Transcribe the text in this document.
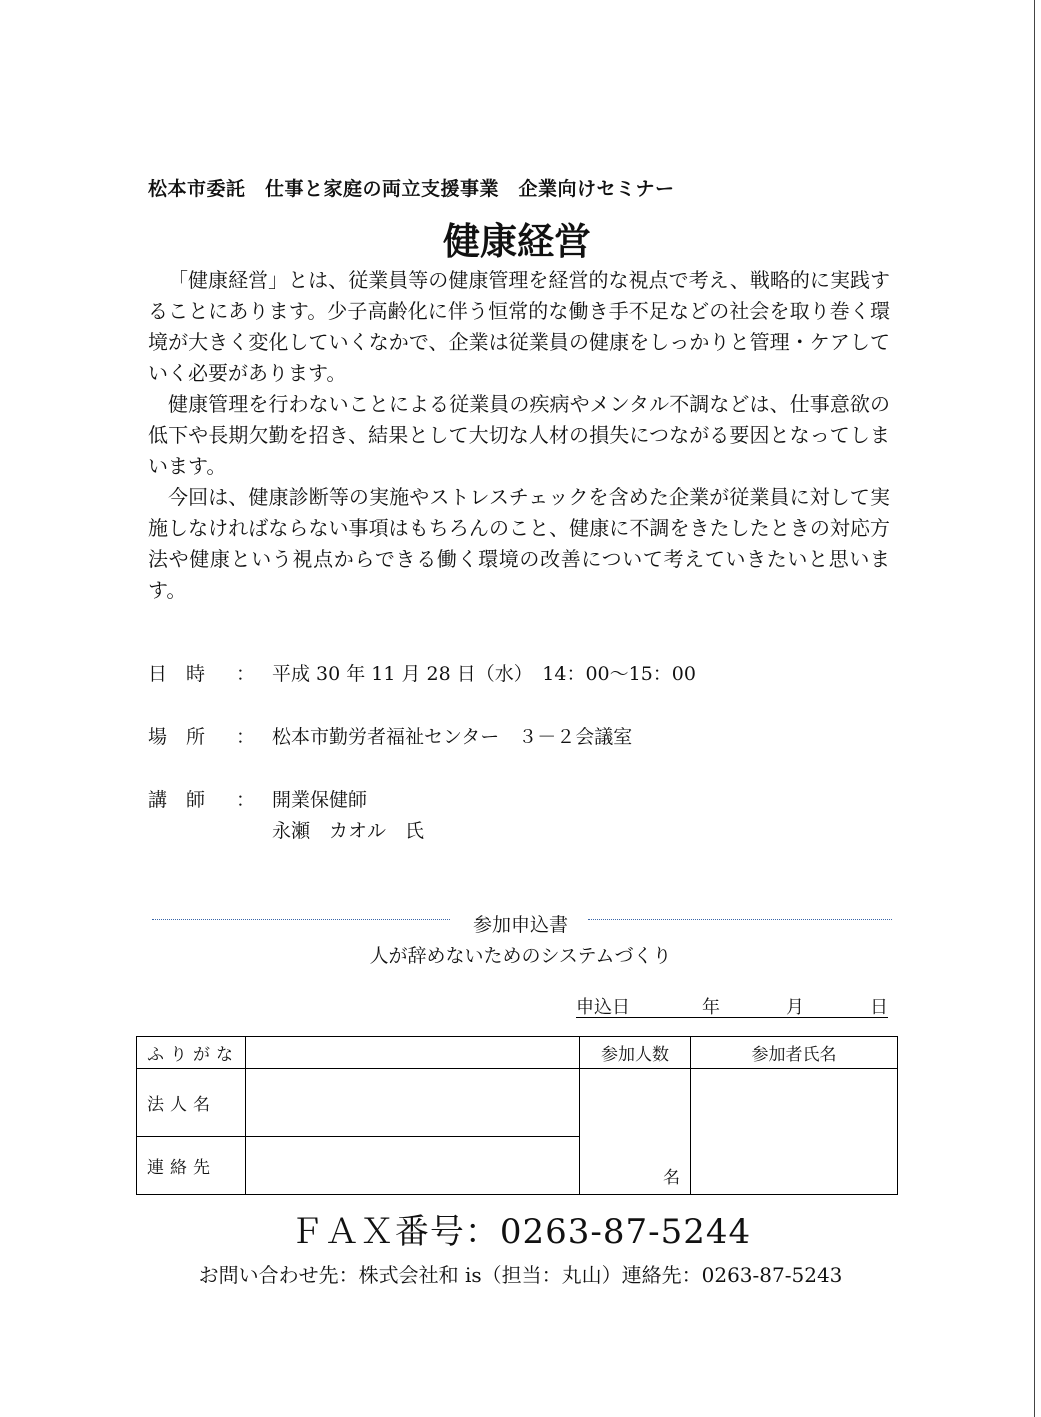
松本市委託　仕事と家庭の両立支援事業　企業向けセミナー
健康経営

「健康経営」とは、従業員等の健康管理を経営的な視点で考え、戦略的に実践することにあります。少子高齢化に伴う恒常的な働き手不足などの社会を取り巻く環境が大きく変化していくなかで、企業は従業員の健康をしっかりと管理・ケアしていく必要があります。

健康管理を行わないことによる従業員の疾病やメンタル不調などは、仕事意欲の低下や長期欠勤を招き、結果として大切な人材の損失につながる要因となってしまいます。

今回は、健康診断等の実施やストレスチェックを含めた企業が従業員に対して実施しなければならない事項はもちろんのこと、健康に不調をきたしたときの対応方法や健康という視点からできる働く環境の改善について考えていきたいと思います。

日　時	： 平成 30 年 11 月 28 日（水）　14：00〜15：00
場　所	： 松本市勤労者福祉センター　３－２会議室
講　師	： 開業保健師
永瀬　カオル　氏
参加申込書
人が辞めないためのシステムづくり
申込日	年	月	日
ふりがな		参加人数	参加者氏名
法人名		名	
連絡先			
ＦＡＸ番号：0263-87-5244
お問い合わせ先：株式会社和 is（担当：丸山）連絡先：0263-87-5243
